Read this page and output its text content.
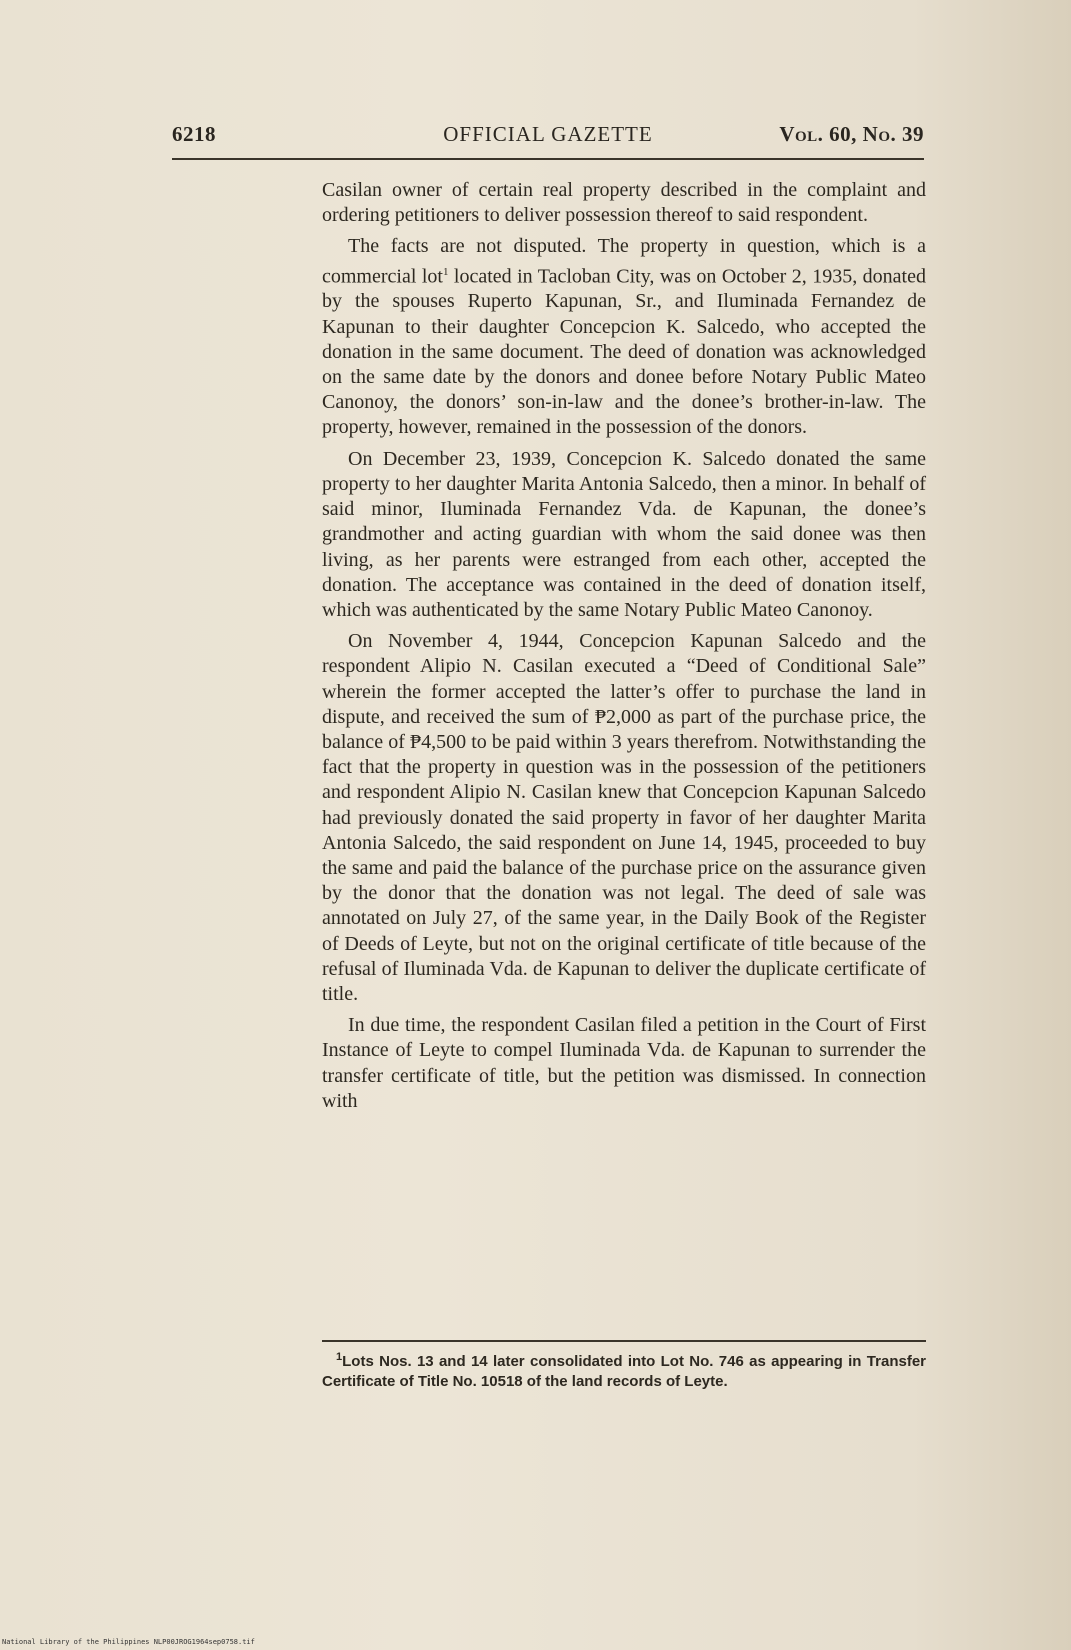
6218	OFFICIAL GAZETTE	Vol. 60, No. 39

Casilan owner of certain real property described in the complaint and ordering petitioners to deliver possession thereof to said respondent.

The facts are not disputed. The property in question, which is a commercial lot$^1$ located in Tacloban City, was on October 2, 1935, donated by the spouses Ruperto Kapunan, Sr., and Iluminada Fernandez de Kapunan to their daughter Concepcion K. Salcedo, who accepted the donation in the same document. The deed of donation was acknowledged on the same date by the donors and donee before Notary Public Mateo Canonoy, the donors’ son-in-law and the donee’s brother-in-law. The property, however, remained in the possession of the donors.

On December 23, 1939, Concepcion K. Salcedo donated the same property to her daughter Marita Antonia Salcedo, then a minor. In behalf of said minor, Iluminada Fernandez Vda. de Kapunan, the donee’s grandmother and acting guardian with whom the said donee was then living, as her parents were estranged from each other, accepted the donation. The acceptance was contained in the deed of donation itself, which was authenticated by the same Notary Public Mateo Canonoy.

On November 4, 1944, Concepcion Kapunan Salcedo and the respondent Alipio N. Casilan executed a “Deed of Conditional Sale” wherein the former accepted the latter’s offer to purchase the land in dispute, and received the sum of ₱2,000 as part of the purchase price, the balance of ₱4,500 to be paid within 3 years therefrom. Notwithstanding the fact that the property in question was in the possession of the petitioners and respondent Alipio N. Casilan knew that Concepcion Kapunan Salcedo had previously donated the said property in favor of her daughter Marita Antonia Salcedo, the said respondent on June 14, 1945, proceeded to buy the same and paid the balance of the purchase price on the assurance given by the donor that the donation was not legal. The deed of sale was annotated on July 27, of the same year, in the Daily Book of the Register of Deeds of Leyte, but not on the original certificate of title because of the refusal of Iluminada Vda. de Kapunan to deliver the duplicate certificate of title.

In due time, the respondent Casilan filed a petition in the Court of First Instance of Leyte to compel Iluminada Vda. de Kapunan to surrender the transfer certificate of title, but the petition was dismissed. In connection with

$^1$Lots Nos. 13 and 14 later consolidated into Lot No. 746 as appearing in Transfer Certificate of Title No. 10518 of the land records of Leyte.
National Library of the Philippines NLP00JROG1964sep0758.tif
